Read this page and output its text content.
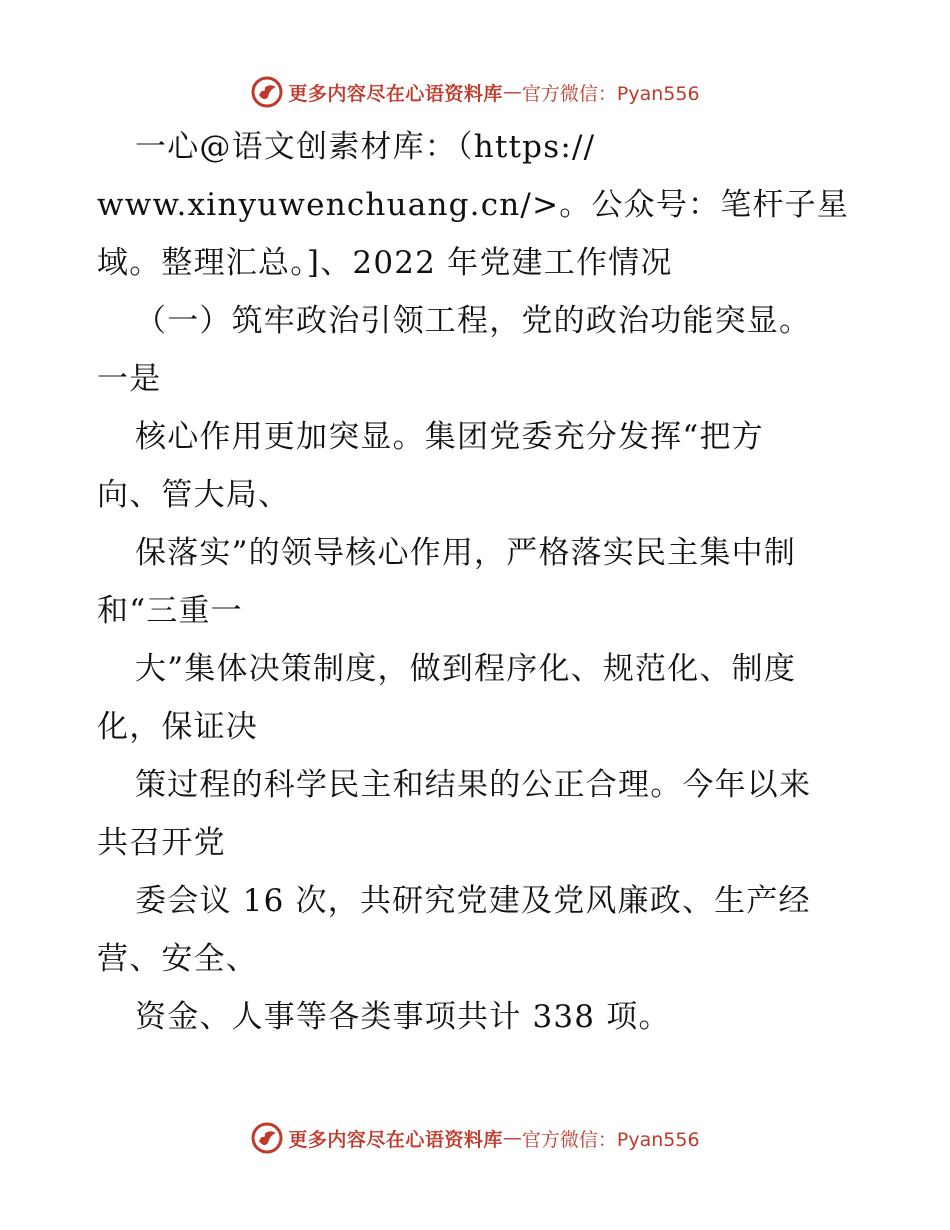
更多内容尽在心语资料库 — 官方微信：Pyan556
一心@语文创素材库：（https://
www.xinyuwenchuang.cn/>。公众号：笔杆子星
域。整理汇总。]、2022 年党建工作情况
（一）筑牢政治引领工程，党的政治功能突显。
一是
核心作用更加突显。集团党委充分发挥“把方
向、管大局、
保落实”的领导核心作用，严格落实民主集中制
和“三重一
大”集体决策制度，做到程序化、规范化、制度
化，保证决
策过程的科学民主和结果的公正合理。今年以来
共召开党
委会议 16 次，共研究党建及党风廉政、生产经
营、安全、
资金、人事等各类事项共计 338 项。
更多内容尽在心语资料库 — 官方微信：Pyan556
